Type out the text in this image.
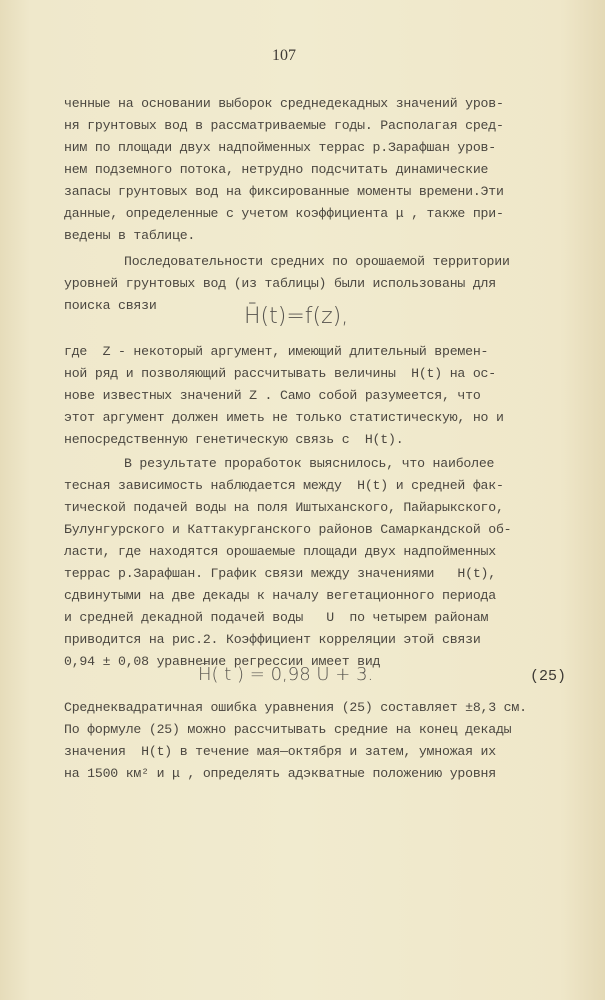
107
ченные на основании выборок среднедекадных значений уров-
ня грунтовых вод в рассматриваемые годы. Располагая сред-
ним по площади двух надпойменных террас р.Зарафшан уров-
нем подземного потока, нетрудно подсчитать динамические
запасы грунтовых вод на фиксированные моменты времени.Эти
данные, определенные с учетом коэффициента μ , также при-
ведены в таблице.
Последовательности средних по орошаемой территории
уровней грунтовых вод (из таблицы) были использованы для
поиска связи	H̄(t)=f(z),
где  Z - некоторый аргумент, имеющий длительный времен-
ной ряд и позволяющий рассчитывать величины  H(t) на ос-
нове известных значений Z . Само собой разумеется, что
этот аргумент должен иметь не только статистическую, но и
непосредственную генетическую связь с  H(t).
В результате проработок выяснилось, что наиболее
тесная зависимость наблюдается между  H(t) и средней фак-
тической подачей воды на поля Иштыханского, Пайарыкского,
Булунгурского и Каттакурганского районов Самаркандской об-
ласти, где находятся орошаемые площади двух надпойменных
террас р.Зарафшан. График связи между значениями   H(t),
сдвинутыми на две декады к началу вегетационного периода
и средней декадной подачей воды   U  по четырем районам
приводится на рис.2. Коэффициент корреляции этой связи
0,94 ± 0,08 уравнение регрессии имеет вид
H̄( t ) = 0,98 U + 3.	(25)
Среднеквадратичная ошибка уравнения (25) составляет ±8,3 см.
По формуле (25) можно рассчитывать средние на конец декады
значения  H(t) в течение мая—октября и затем, умножая их
на 1500 км² и μ , определять адэкватные положению уровня
